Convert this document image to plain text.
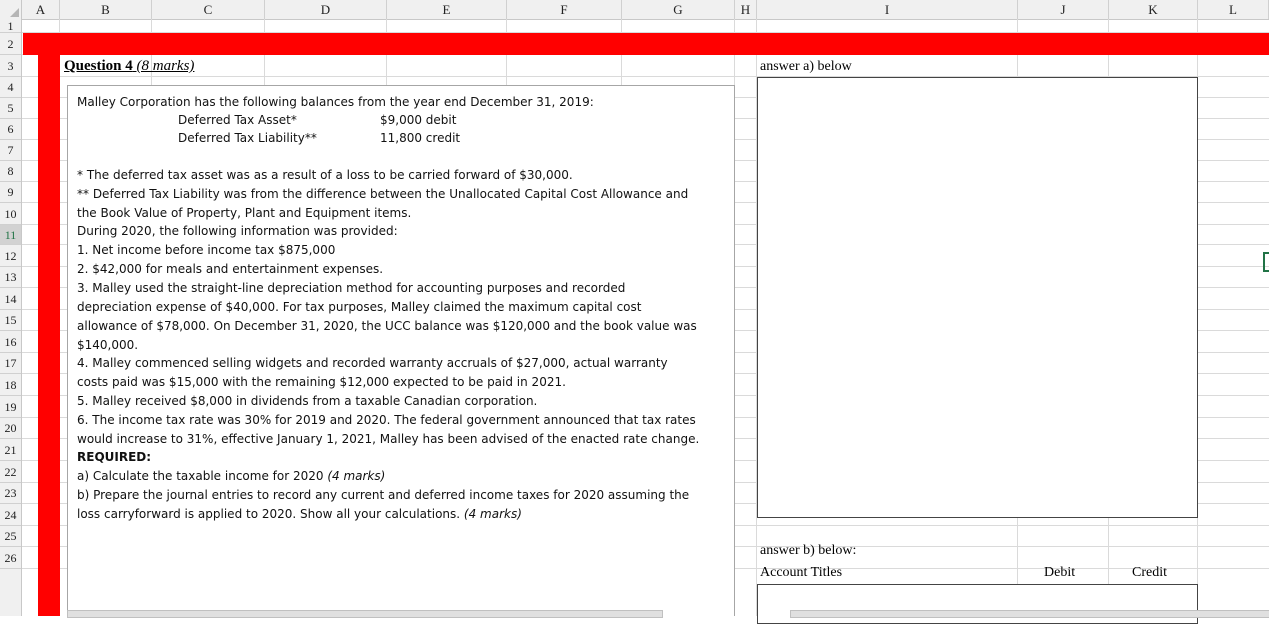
A	B	C	D	E	F	G	H	I	J	K	L
1
2
3
4
5
6
7
8
9
10
11
12
13
14
15
16
17
18
19
20
21
22
23
24
25
26
Question 4 (8 marks)
Malley Corporation has the following balances from the year end December 31, 2019:
Deferred Tax Asset*	$9,000 debit
Deferred Tax Liability**	11,800 credit
* The deferred tax asset was as a result of a loss to be carried forward of $30,000.
** Deferred Tax Liability was from the difference between the Unallocated Capital Cost Allowance and
the Book Value of Property, Plant and Equipment items.
During 2020, the following information was provided:
1. Net income before income tax $875,000
2. $42,000 for meals and entertainment expenses.
3. Malley used the straight-line depreciation method for accounting purposes and recorded
depreciation expense of $40,000. For tax purposes, Malley claimed the maximum capital cost
allowance of $78,000. On December 31, 2020, the UCC balance was $120,000 and the book value was
$140,000.
4. Malley commenced selling widgets and recorded warranty accruals of $27,000, actual warranty
costs paid was $15,000 with the remaining $12,000 expected to be paid in 2021.
5. Malley received $8,000 in dividends from a taxable Canadian corporation.
6. The income tax rate was 30% for 2019 and 2020. The federal government announced that tax rates
would increase to 31%, effective January 1, 2021, Malley has been advised of the enacted rate change.
REQUIRED:
a) Calculate the taxable income for 2020 (4 marks)
b) Prepare the journal entries to record any current and deferred income taxes for 2020 assuming the
loss carryforward is applied to 2020. Show all your calculations. (4 marks)
answer a) below
answer b) below:
Account Titles	Debit	Credit
